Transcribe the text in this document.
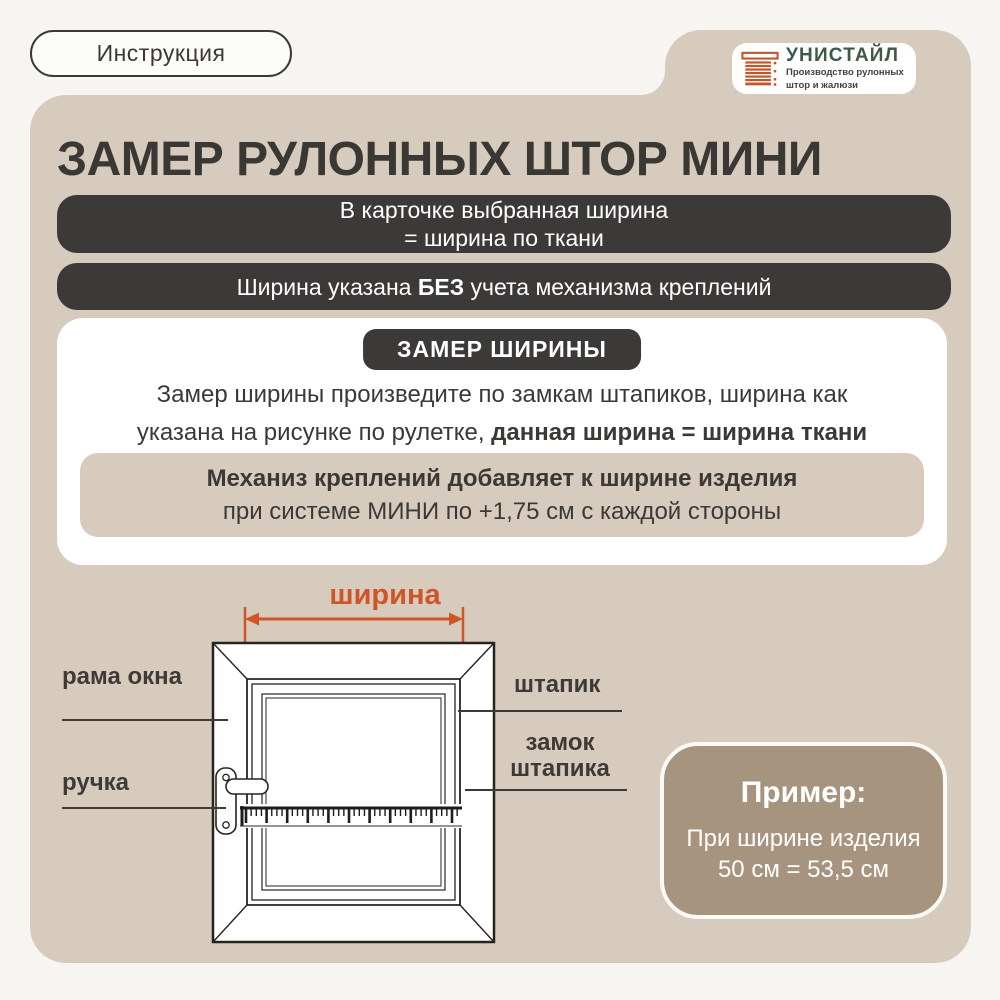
Инструкция	УНИСТАЙЛ
Производство рулонных
штор и жалюзи
ЗАМЕР РУЛОННЫХ ШТОР МИНИ
В карточке выбранная ширина
= ширина по ткани
Ширина указана БЕЗ учета механизма креплений
ЗАМЕР ШИРИНЫ
Замер ширины произведите по замкам штапиков, ширина как
указана на рисунке по рулетке, данная ширина = ширина ткани
Механиз креплений добавляет к ширине изделия
при системе МИНИ по +1,75 см с каждой стороны
ширина
рама окна
ручка
штапик
замок
штапика
Пример:
При ширине изделия
50 см = 53,5 см
